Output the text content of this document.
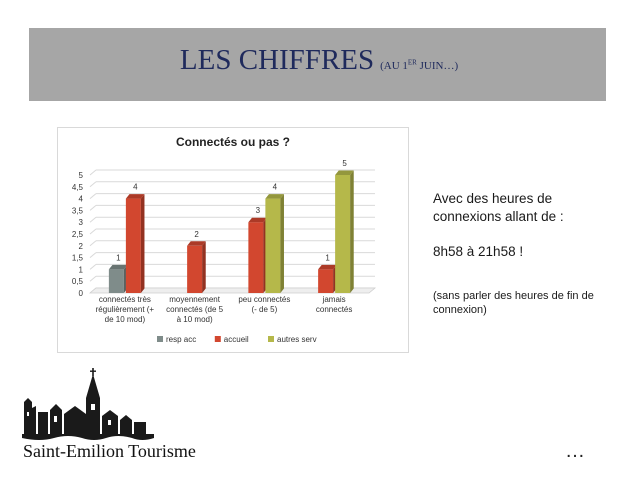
LES CHIFFRES (AU 1ER JUIN…)
Connectés ou pas ?
0
0,5
1
1,5
2
2,5
3
3,5
4
4,5
5
1
4
connectés très
régulièrement (+
de 10 mod)
2
moyennement
connectés (de 5
à 10 mod)
3
4
peu connectés
(- de 5)
1
5
jamais
connectés
resp acc	accueil	autres serv
Avec des heures de
connexions allant de :
8h58 à 21h58 !
(sans parler des heures de fin de connexion)
Saint-Emilion Tourisme	…
